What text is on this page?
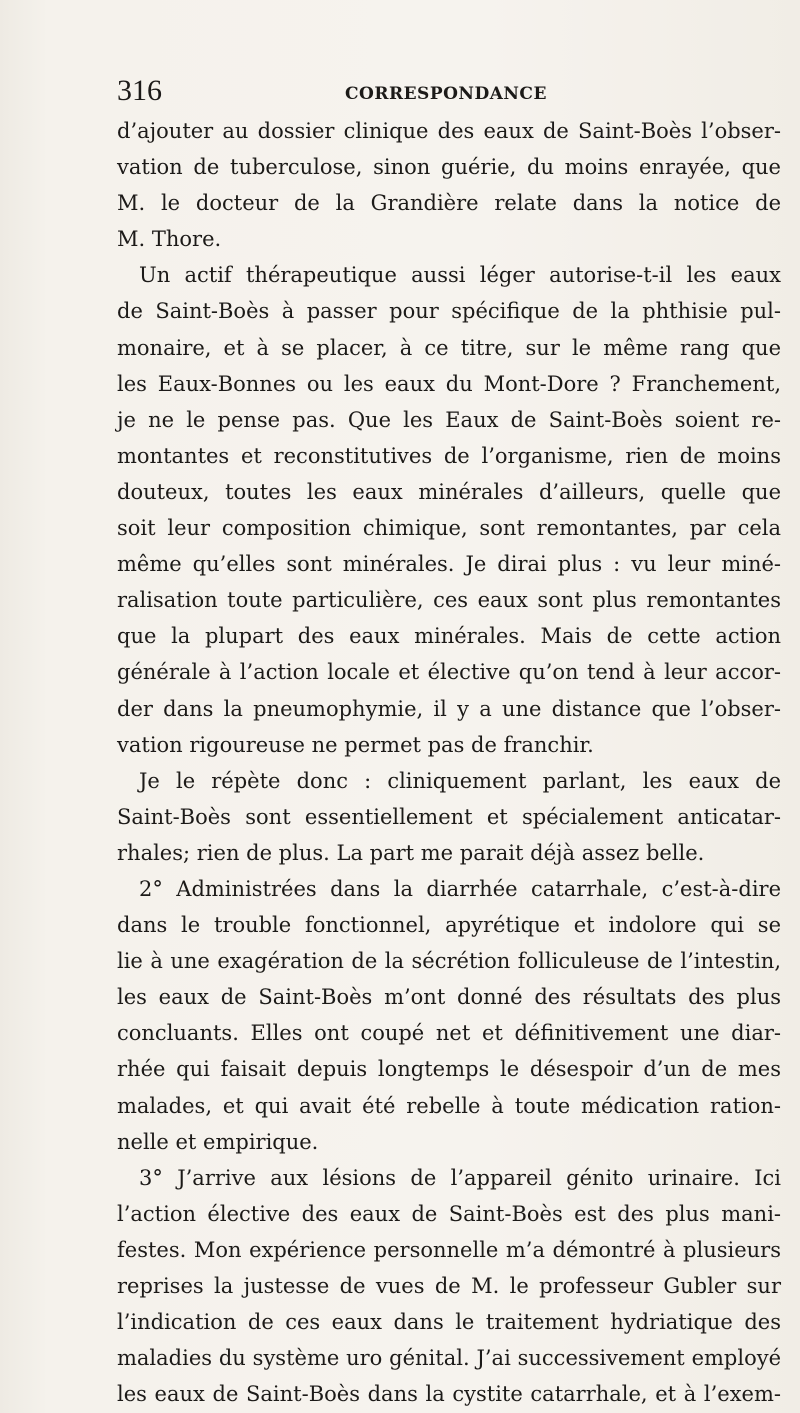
316	CORRESPONDANCE
d’ajouter au dossier clinique des eaux de Saint-Boès l’obser-
vation de tuberculose, sinon guérie, du moins enrayée, que
M. le docteur de la Grandière relate dans la notice de
M. Thore.
Un actif thérapeutique aussi léger autorise-t-il les eaux
de Saint-Boès à passer pour spécifique de la phthisie pul-
monaire, et à se placer, à ce titre, sur le même rang que
les Eaux-Bonnes ou les eaux du Mont-Dore ? Franchement,
je ne le pense pas. Que les Eaux de Saint-Boès soient re-
montantes et reconstitutives de l’organisme, rien de moins
douteux, toutes les eaux minérales d’ailleurs, quelle que
soit leur composition chimique, sont remontantes, par cela
même qu’elles sont minérales. Je dirai plus : vu leur miné-
ralisation toute particulière, ces eaux sont plus remontantes
que la plupart des eaux minérales. Mais de cette action
générale à l’action locale et élective qu’on tend à leur accor-
der dans la pneumophymie, il y a une distance que l’obser-
vation rigoureuse ne permet pas de franchir.
Je le répète donc : cliniquement parlant, les eaux de
Saint-Boès sont essentiellement et spécialement anticatar-
rhales; rien de plus. La part me parait déjà assez belle.
2° Administrées dans la diarrhée catarrhale, c’est-à-dire
dans le trouble fonctionnel, apyrétique et indolore qui se
lie à une exagération de la sécrétion folliculeuse de l’intestin,
les eaux de Saint-Boès m’ont donné des résultats des plus
concluants. Elles ont coupé net et définitivement une diar-
rhée qui faisait depuis longtemps le désespoir d’un de mes
malades, et qui avait été rebelle à toute médication ration-
nelle et empirique.
3° J’arrive aux lésions de l’appareil génito urinaire. Ici
l’action élective des eaux de Saint-Boès est des plus mani-
festes. Mon expérience personnelle m’a démontré à plusieurs
reprises la justesse de vues de M. le professeur Gubler sur
l’indication de ces eaux dans le traitement hydriatique des
maladies du système uro génital. J’ai successivement employé
les eaux de Saint-Boès dans la cystite catarrhale, et à l’exem-
